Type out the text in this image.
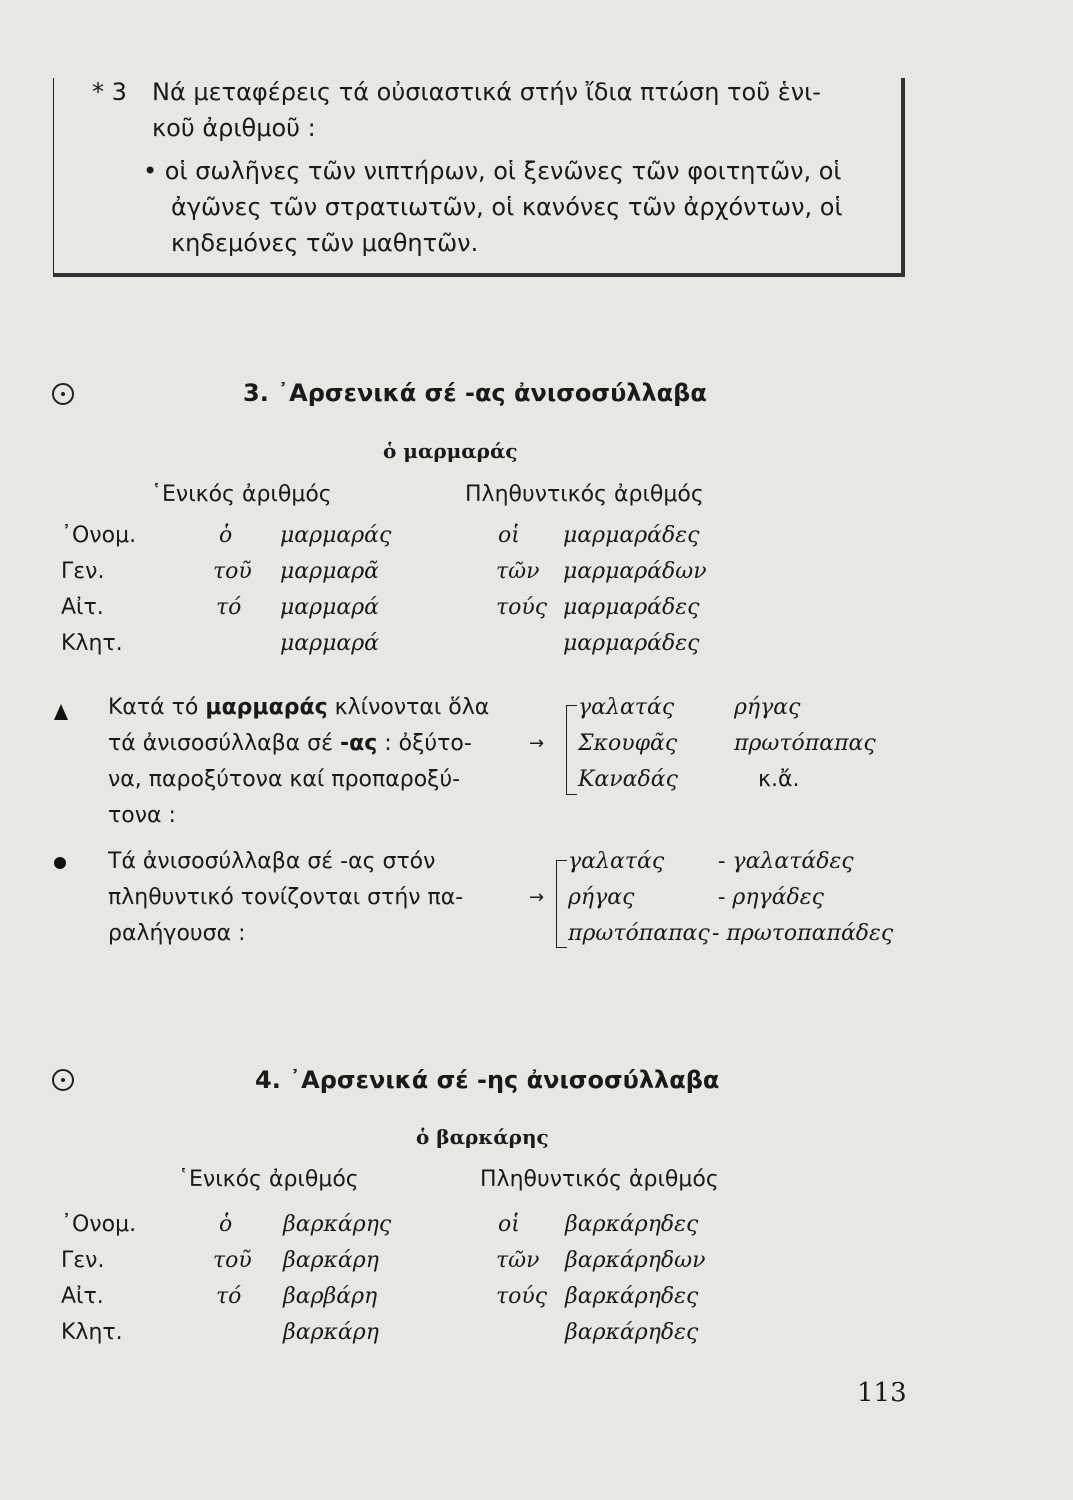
* 3 Νά μεταφέρεις τά οὐσιαστικά στήν ἴδια πτώση τοῦ ἑνι-
κοῦ ἀριθμοῦ :
• οἱ σωλῆνες τῶν νιπτήρων, οἱ ξενῶνες τῶν φοιτητῶν, οἱ
ἀγῶνες τῶν στρατιωτῶν, οἱ κανόνες τῶν ἀρχόντων, οἱ
κηδεμόνες τῶν μαθητῶν.
3. ᾿Αρσενικά σέ -ας ἀνισοσύλλαβα
ὁ μαρμαράς
῾Ενικός ἀριθμός	Πληθυντικός ἀριθμός
᾿Ονομ.	ὁ μαρμαράς	οἱ μαρμαράδες
Γεν.	τοῦ μαρμαρᾶ	τῶν μαρμαράδων
Αἰτ.	τό μαρμαρά	τούς μαρμαράδες
Κλητ.	μαρμαρά	μαρμαράδες
Κατά τό μαρμαράς κλίνονται ὅλα
τά ἀνισοσύλλαβα σέ -ας : ὀξύτο-
να, παροξύτονα καί προπαροξύ-
τονα :
→
γαλατάς	ρήγας
Σκουφᾶς	πρωτόπαπας
Καναδάς	κ.ἄ.
Τά ἀνισοσύλλαβα σέ -ας στόν
πληθυντικό τονίζονται στήν πα-
ραλήγουσα :
→
γαλατάς - γαλατάδες
ρήγας	- ρηγάδες
πρωτόπαπας - πρωτοπαπάδες
4. ᾿Αρσενικά σέ -ης ἀνισοσύλλαβα
ὁ βαρκάρης
῾Ενικός ἀριθμός	Πληθυντικός ἀριθμός
᾿Ονομ.	ὁ βαρκάρης	οἱ βαρκάρηδες
Γεν.	τοῦ βαρκάρη	τῶν βαρκάρηδων
Αἰτ.	τό βαρβάρη	τούς βαρκάρηδες
Κλητ.	βαρκάρη	βαρκάρηδες
113
